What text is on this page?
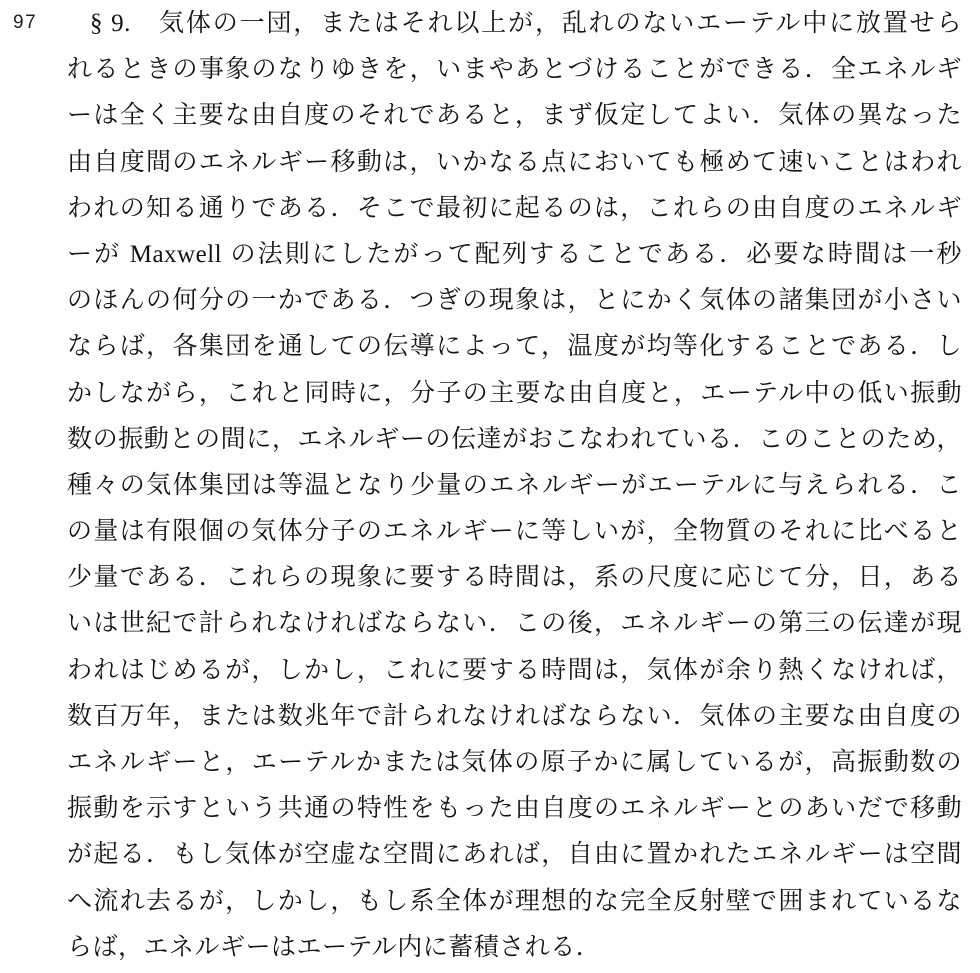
97	§ 9.　気体の一団，またはそれ以上が，乱れのないエーテル中に放置せら
れるときの事象のなりゆきを，いまやあとづけることができる．全エネルギ
ーは全く主要な由自度のそれであると，まず仮定してよい．気体の異なった
由自度間のエネルギー移動は，いかなる点においても極めて速いことはわれ
われの知る通りである．そこで最初に起るのは，これらの由自度のエネルギ
ーが Maxwell の法則にしたがって配列することである．必要な時間は一秒
のほんの何分の一かである．つぎの現象は，とにかく気体の諸集団が小さい
ならば，各集団を通しての伝導によって，温度が均等化することである．し
かしながら，これと同時に，分子の主要な由自度と，エーテル中の低い振動
数の振動との間に，エネルギーの伝達がおこなわれている．このことのため，
種々の気体集団は等温となり少量のエネルギーがエーテルに与えられる．こ
の量は有限個の気体分子のエネルギーに等しいが，全物質のそれに比べると
少量である．これらの現象に要する時間は，系の尺度に応じて分，日，ある
いは世紀で計られなければならない．この後，エネルギーの第三の伝達が現
われはじめるが，しかし，これに要する時間は，気体が余り熱くなければ，
数百万年，または数兆年で計られなければならない．気体の主要な由自度の
エネルギーと，エーテルかまたは気体の原子かに属しているが，高振動数の
振動を示すという共通の特性をもった由自度のエネルギーとのあいだで移動
が起る．もし気体が空虚な空間にあれば，自由に置かれたエネルギーは空間
へ流れ去るが，しかし，もし系全体が理想的な完全反射壁で囲まれているな
らば，エネルギーはエーテル内に蓄積される．
